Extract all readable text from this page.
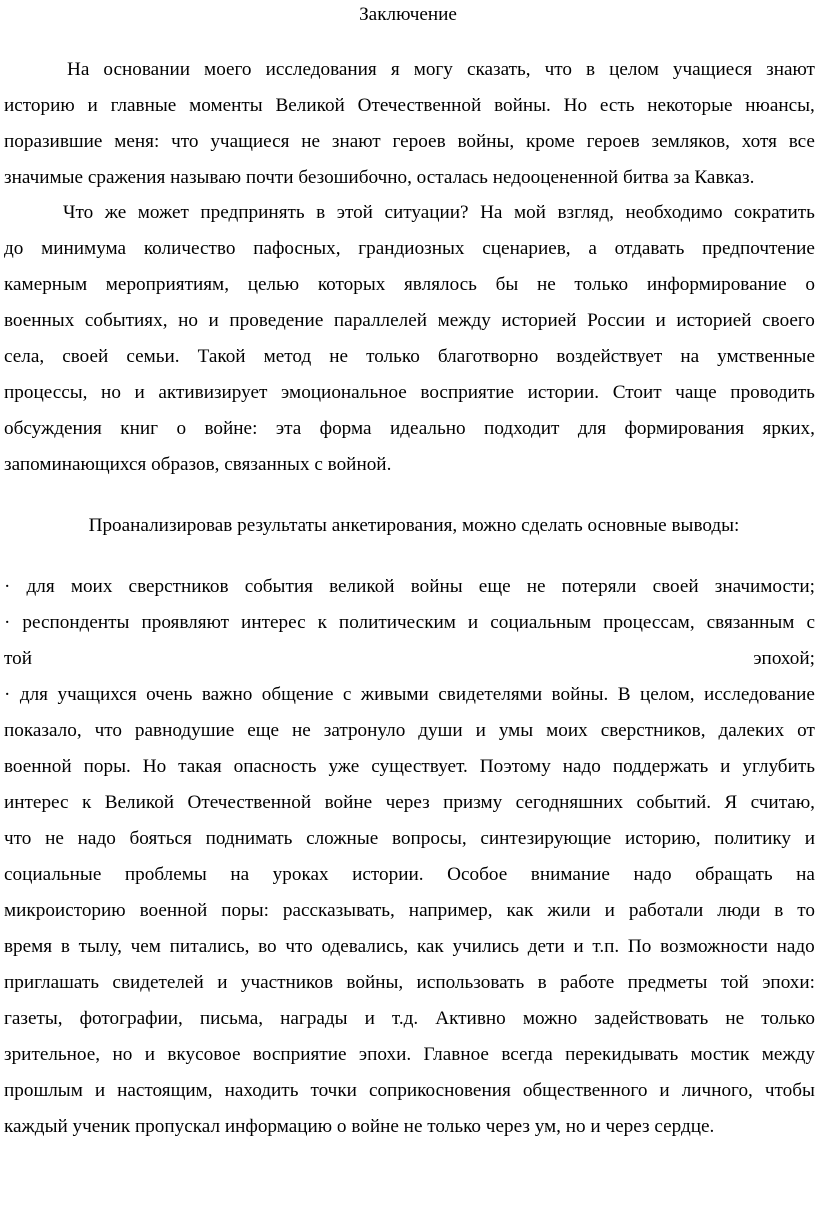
Заключение
На основании моего исследования я могу сказать, что в целом учащиеся знают
историю и главные моменты Великой Отечественной войны. Но есть некоторые нюансы,
поразившие меня: что учащиеся не знают героев войны, кроме героев земляков, хотя все
значимые сражения называю почти безошибочно, осталась недооцененной битва за Кавказ.
Что же может предпринять в этой ситуации? На мой взгляд, необходимо сократить
до минимума количество пафосных, грандиозных сценариев, а отдавать предпочтение
камерным мероприятиям, целью которых являлось бы не только информирование о
военных событиях, но и проведение параллелей между историей России и историей своего
села, своей семьи. Такой метод не только благотворно воздействует на умственные
процессы, но и активизирует эмоциональное восприятие истории. Стоит чаще проводить
обсуждения книг о войне: эта форма идеально подходит для формирования ярких,
запоминающихся образов, связанных с войной.
Проанализировав результаты анкетирования, можно сделать основные выводы:
· для моих сверстников события великой войны еще не потеряли своей значимости;
· респонденты проявляют интерес к политическим и социальным процессам, связанным с
той	эпохой;
· для учащихся очень важно общение с живыми свидетелями войны. В целом, исследование
показало, что равнодушие еще не затронуло души и умы моих сверстников, далеких от
военной поры. Но такая опасность уже существует. Поэтому надо поддержать и углубить
интерес к Великой Отечественной войне через призму сегодняшних событий. Я считаю,
что не надо бояться поднимать сложные вопросы, синтезирующие историю, политику и
социальные проблемы на уроках истории. Особое внимание надо обращать на
микроисторию военной поры: рассказывать, например, как жили и работали люди в то
время в тылу, чем питались, во что одевались, как учились дети и т.п. По возможности надо
приглашать свидетелей и участников войны, использовать в работе предметы той эпохи:
газеты, фотографии, письма, награды и т.д. Активно можно задействовать не только
зрительное, но и вкусовое восприятие эпохи. Главное всегда перекидывать мостик между
прошлым и настоящим, находить точки соприкосновения общественного и личного, чтобы
каждый ученик пропускал информацию о войне не только через ум, но и через сердце.
